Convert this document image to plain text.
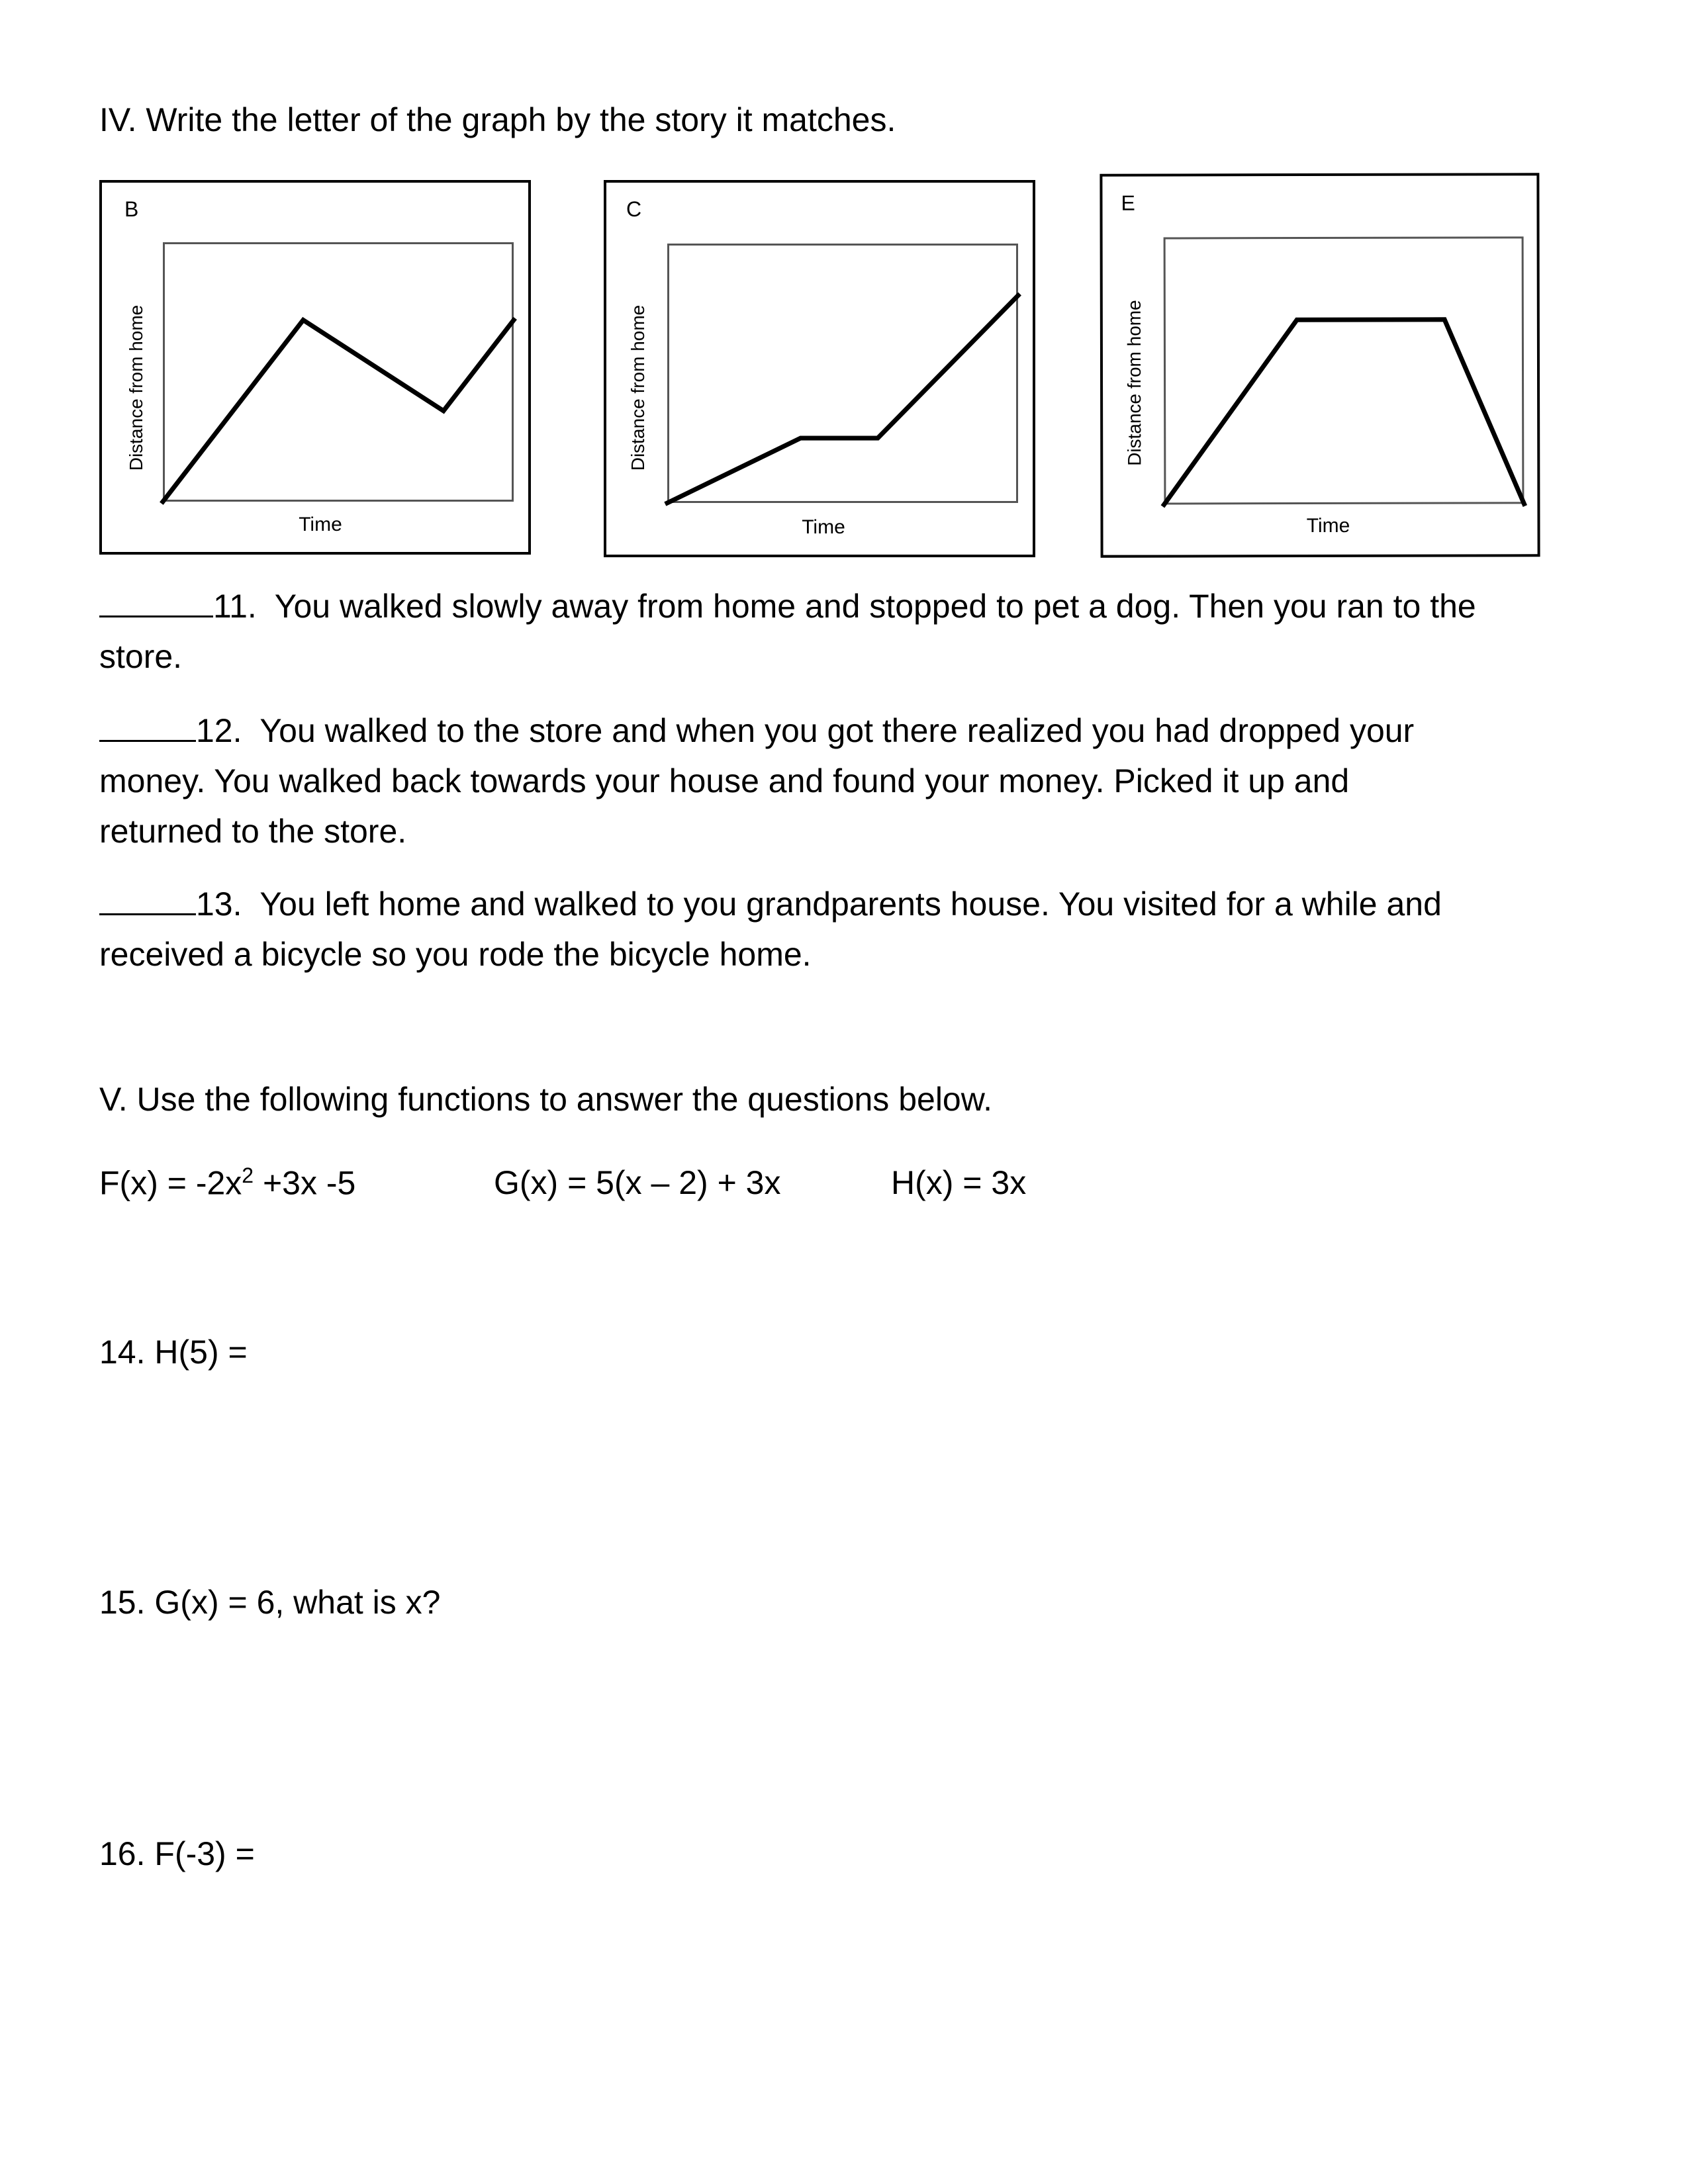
IV. Write the letter of the graph by the story it matches.
B
Distance from home
Time
C
Distance from home
Time
E
Distance from home
Time
11. You walked slowly away from home and stopped to pet a dog. Then you ran to the
store.
12. You walked to the store and when you got there realized you had dropped your
money. You walked back towards your house and found your money. Picked it up and
returned to the store.
13. You left home and walked to you grandparents house. You visited for a while and
received a bicycle so you rode the bicycle home.
V. Use the following functions to answer the questions below.
$F(x) = -2x^2 +3x$ -5	G(x) = 5(x – 2) + 3x	H(x) = 3x
14. H(5) =
15. G(x) = 6, what is x?
16. F(-3) =
